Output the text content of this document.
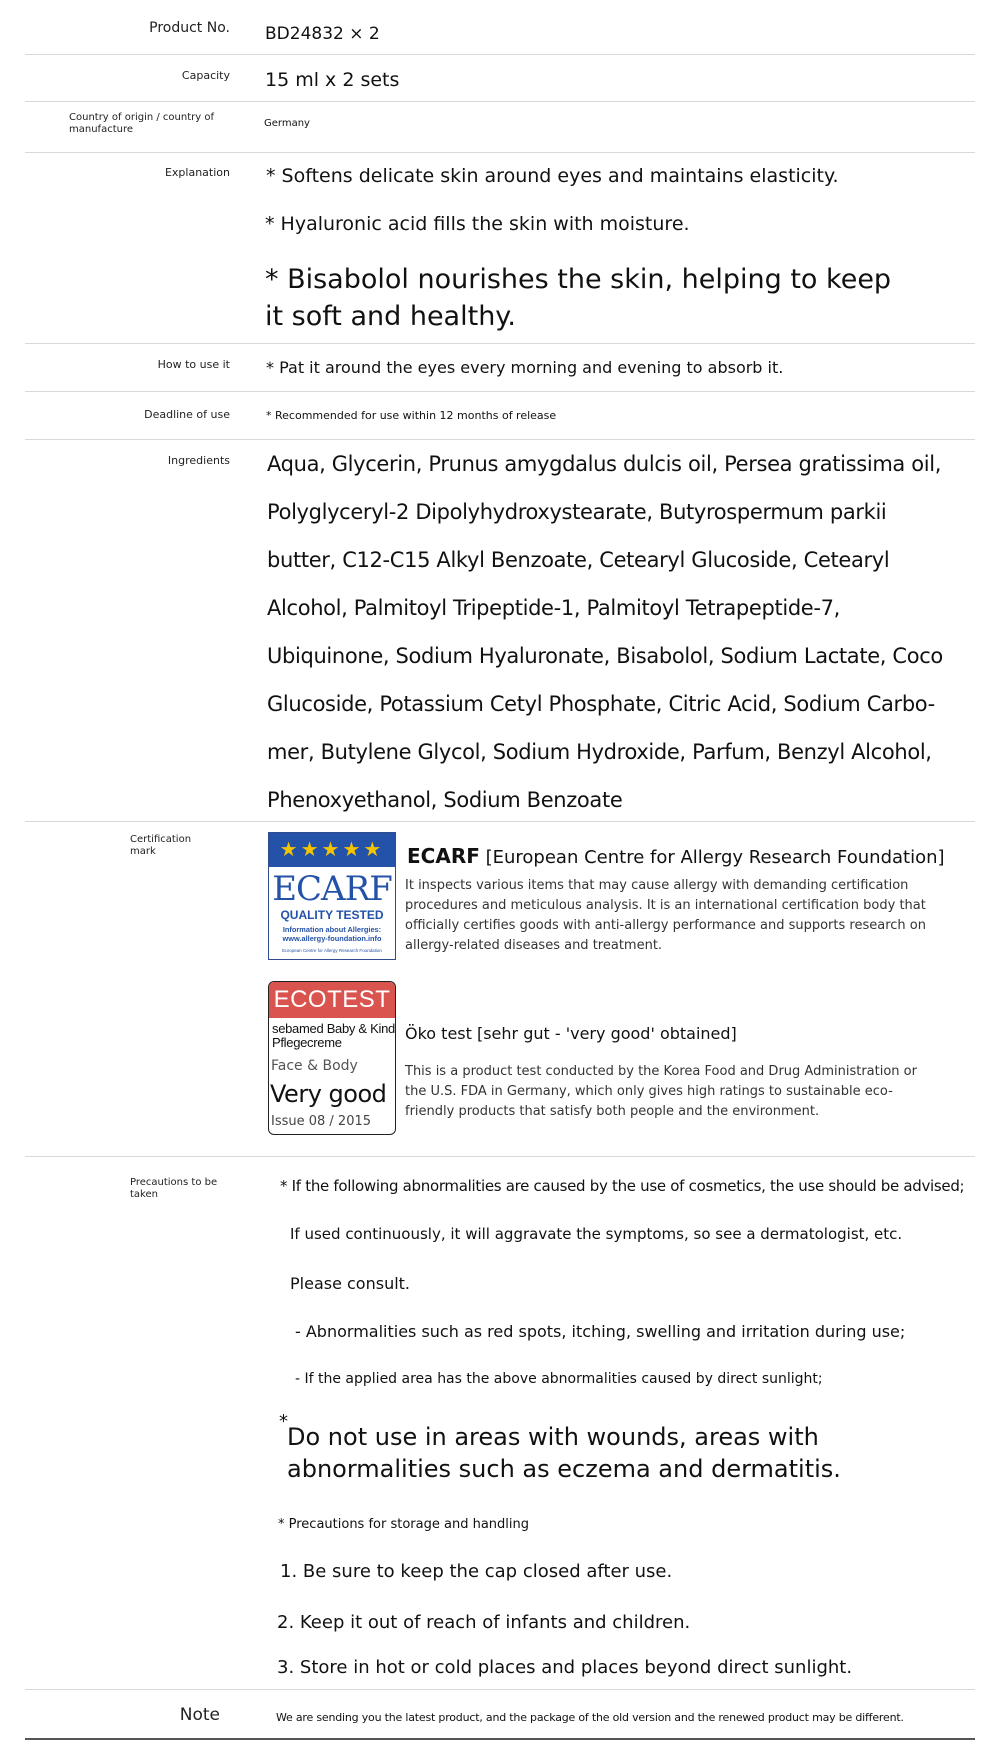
Product No. BD24832 × 2
Capacity 15 ml x 2 sets
Country of origin / country of
manufacture	Germany
Explanation * Softens delicate skin around eyes and maintains elasticity.
* Hyaluronic acid fills the skin with moisture.
* Bisabolol nourishes the skin, helping to keep
it soft and healthy.
How to use it * Pat it around the eyes every morning and evening to absorb it.
Deadline of use	* Recommended for use within 12 months of release
Ingredients Aqua, Glycerin, Prunus amygdalus dulcis oil, Persea gratissima oil,
Polyglyceryl-2 Dipolyhydroxystearate, Butyrospermum parkii
butter, C12-C15 Alkyl Benzoate, Cetearyl Glucoside, Cetearyl
Alcohol, Palmitoyl Tripeptide-1, Palmitoyl Tetrapeptide-7,
Ubiquinone, Sodium Hyaluronate, Bisabolol, Sodium Lactate, Coco
Glucoside, Potassium Cetyl Phosphate, Citric Acid, Sodium Carbo-
mer, Butylene Glycol, Sodium Hydroxide, Parfum, Benzyl Alcohol,
Phenoxyethanol, Sodium Benzoate
Certification
mark	★★★★★
ECARF
QUALITY TESTED
Information about Allergies:
www.allergy-foundation.info
European Centre for Allergy Research Foundation
ECARF [European Centre for Allergy Research Foundation]
It inspects various items that may cause allergy with demanding certification
procedures and meticulous analysis. It is an international certification body that
officially certifies goods with anti-allergy performance and supports research on
allergy-related diseases and treatment.
ECOTEST
sebamed Baby & Kind
Pflegecreme
Face & Body
Very good
Issue 08 / 2015
Öko test [sehr gut - 'very good' obtained]
This is a product test conducted by the Korea Food and Drug Administration or
the U.S. FDA in Germany, which only gives high ratings to sustainable eco-
friendly products that satisfy both people and the environment.
Precautions to be
taken	* If the following abnormalities are caused by the use of cosmetics, the use should be advised;
If used continuously, it will aggravate the symptoms, so see a dermatologist, etc.
Please consult.
- Abnormalities such as red spots, itching, swelling and irritation during use;
- If the applied area has the above abnormalities caused by direct sunlight;
*
Do not use in areas with wounds, areas with
abnormalities such as eczema and dermatitis.
* Precautions for storage and handling
1. Be sure to keep the cap closed after use.
2. Keep it out of reach of infants and children.
3. Store in hot or cold places and places beyond direct sunlight.
Note	We are sending you the latest product, and the package of the old version and the renewed product may be different.
